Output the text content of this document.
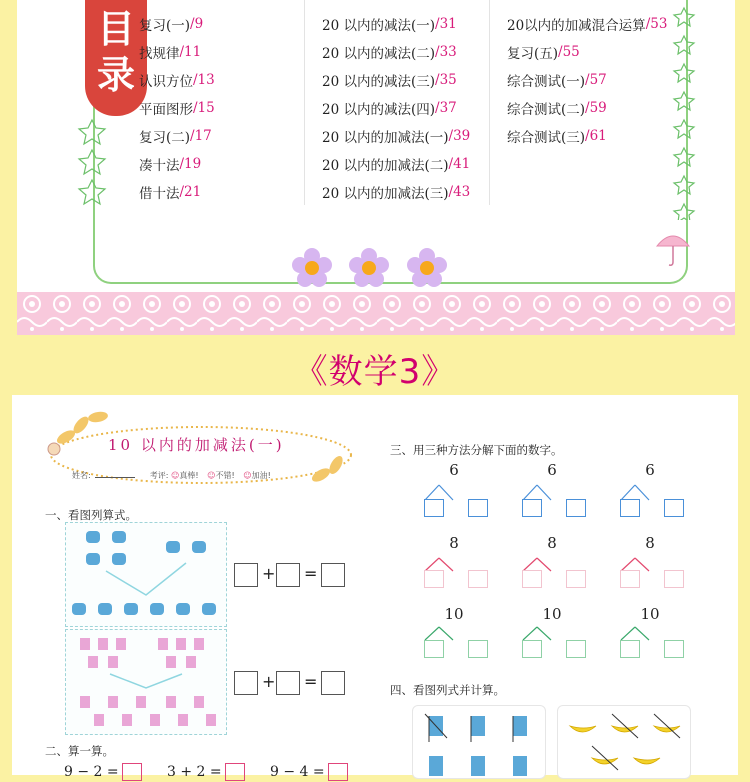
目
录
复习(一) /9
找规律 /11
认识方位 /13
平面图形 /15
复习(二) /17
凑十法 /19
借十法 /21
20 以内的减法(一) /31
20 以内的减法(二) /33
20 以内的减法(三) /35
20 以内的减法(四) /37
20 以内的加减法(一) /39
20 以内的加减法(二) /41
20 以内的加减法(三) /43
20以内的加减混合运算 /53
复习(五) /55
综合测试(一) /57
综合测试(二) /59
综合测试(三) /61
《数学3》
10 以内的加减法(一)
姓名:	考评: ☺真棒! ☺不错! ☺加油!
一、看图列算式。
+ =
+ =
二、算一算。
9 − 2 =	3 + 2 =	9 − 4 =
三、用三种方法分解下面的数字。
6	6	6
8	8	8
10	10	10
四、看图列式并计算。
